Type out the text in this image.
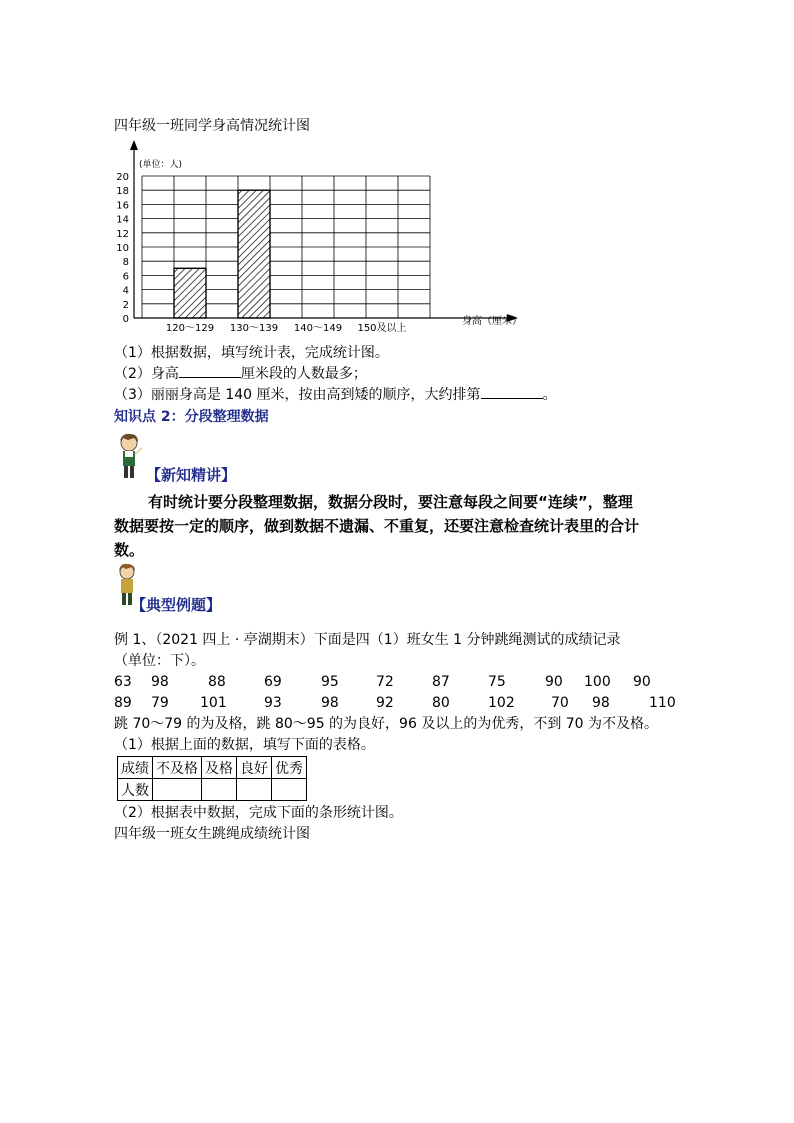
四年级一班同学身高情况统计图
0
2
4
6
8
10
12
14
16
18
20
120～129 130～139 140～149 150及以上
(单位：人)
身高（厘米）
（1）根据数据，填写统计表，完成统计图。
（2）身高	厘米段的人数最多；
（3）丽丽身高是 140 厘米，按由高到矮的顺序，大约排第	。
知识点 2：分段整理数据
【新知精讲】
有时统计要分段整理数据，数据分段时，要注意每段之间要“连续”，整理
数据要按一定的顺序，做到数据不遗漏、不重复，还要注意检查统计表里的合计
数。
【典型例题】
例 1、（2021 四上 · 亭湖期末）下面是四（1）班女生 1 分钟跳绳测试的成绩记录
（单位：下）。
63 98	88	69	95	72	87	75	90 100 90
89 79 101	93	98	92	80	102	70 98	110
跳 70～79 的为及格，跳 80～95 的为良好，96 及以上的为优秀，不到 70 为不及格。
（1）根据上面的数据，填写下面的表格。
成绩	不及格	及格	良好	优秀
人数				
（2）根据表中数据，完成下面的条形统计图。
四年级一班女生跳绳成绩统计图
